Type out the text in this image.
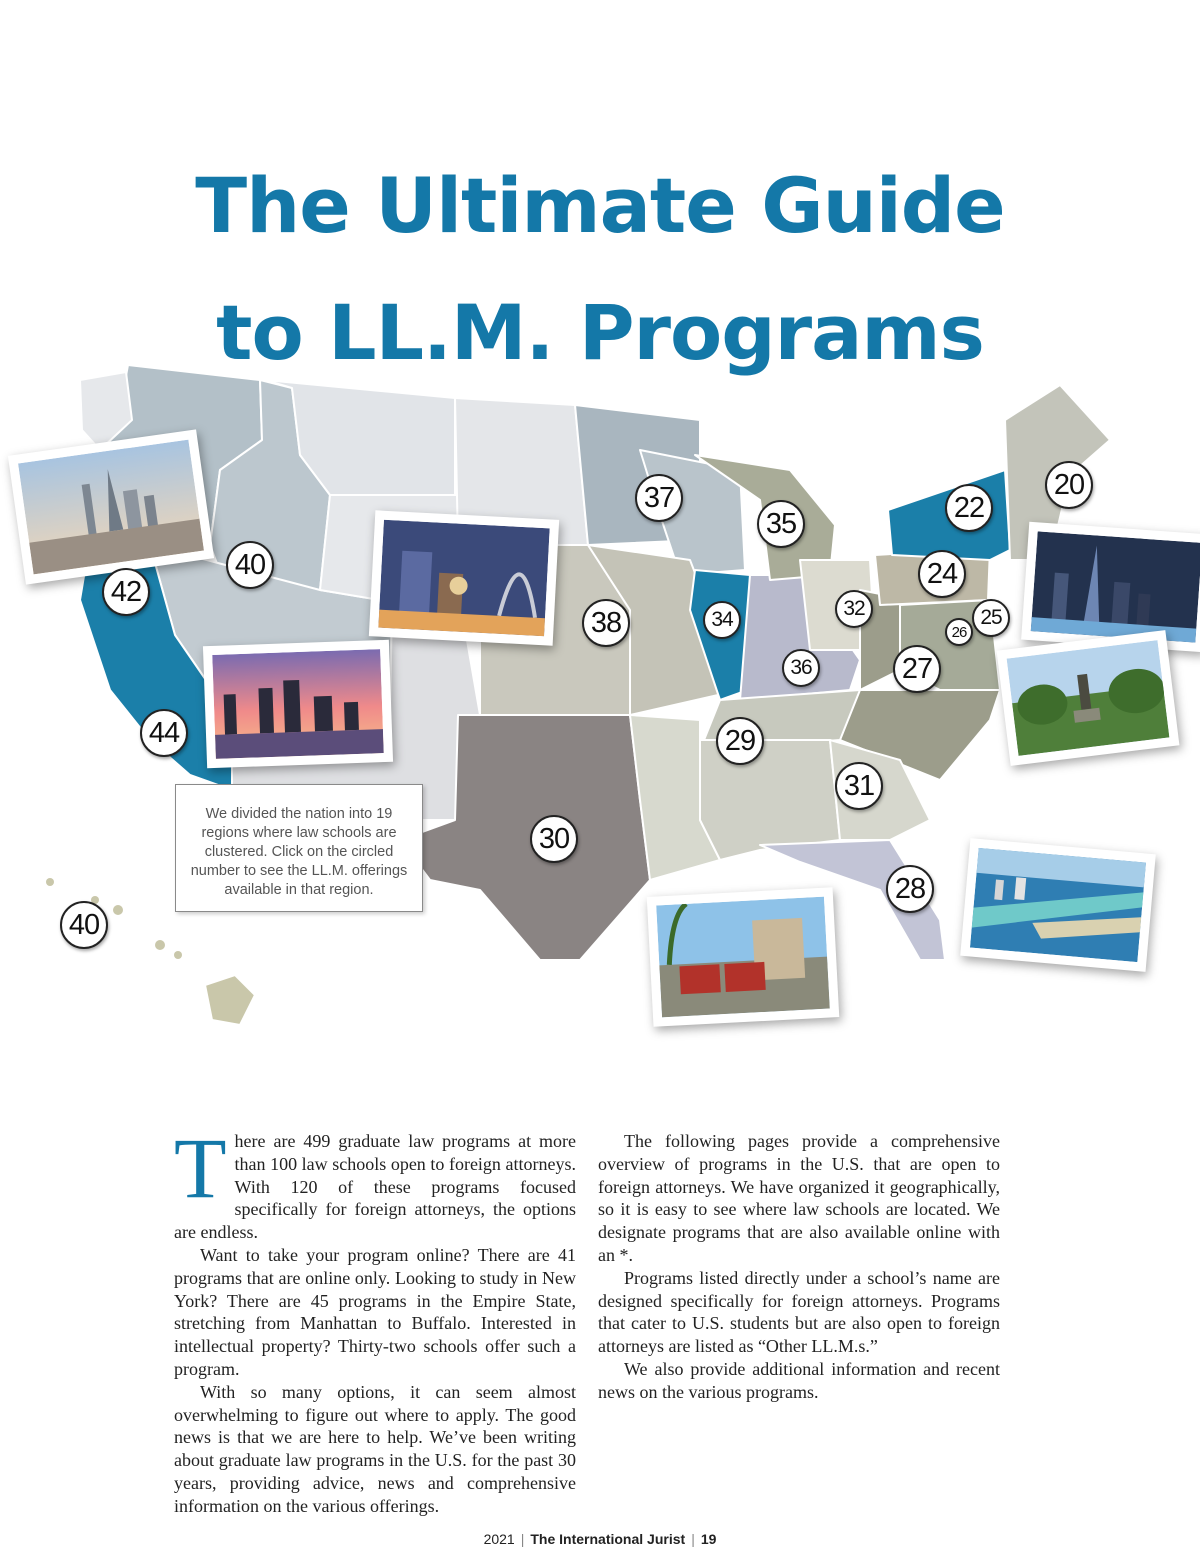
The Ultimate Guide
to LL.M. Programs
20
22
24
25
26
27
28
29
30
31
32
34
35
36
37
38
40
40
42
44
We divided the nation into 19 regions where law schools are clustered. Click on the circled number to see the LL.M. offerings available in that region.

There are 499 graduate law programs at more than 100 law schools open to foreign attorneys. With 120 of these programs focused specifically for foreign attorneys, the options are endless.

Want to take your program online? There are 41 programs that are online only. Looking to study in New York? There are 45 programs in the Empire State, stretching from Manhattan to Buffalo. Interested in intellectual property? Thirty-two schools offer such a program.

With so many options, it can seem almost overwhelming to figure out where to apply. The good news is that we are here to help. We’ve been writing about graduate law programs in the U.S. for the past 30 years, providing advice, news and comprehensive information on the various offerings.

The following pages provide a comprehensive overview of programs in the U.S. that are open to foreign attorneys. We have organized it geographically, so it is easy to see where law schools are located. We designate programs that are also available online with an *.

Programs listed directly under a school’s name are designed specifically for foreign attorneys. Programs that cater to U.S. students but are also open to foreign attorneys are listed as “Other LL.M.s.”

We also provide additional information and recent news on the various programs.

2021 | The International Jurist | 19
